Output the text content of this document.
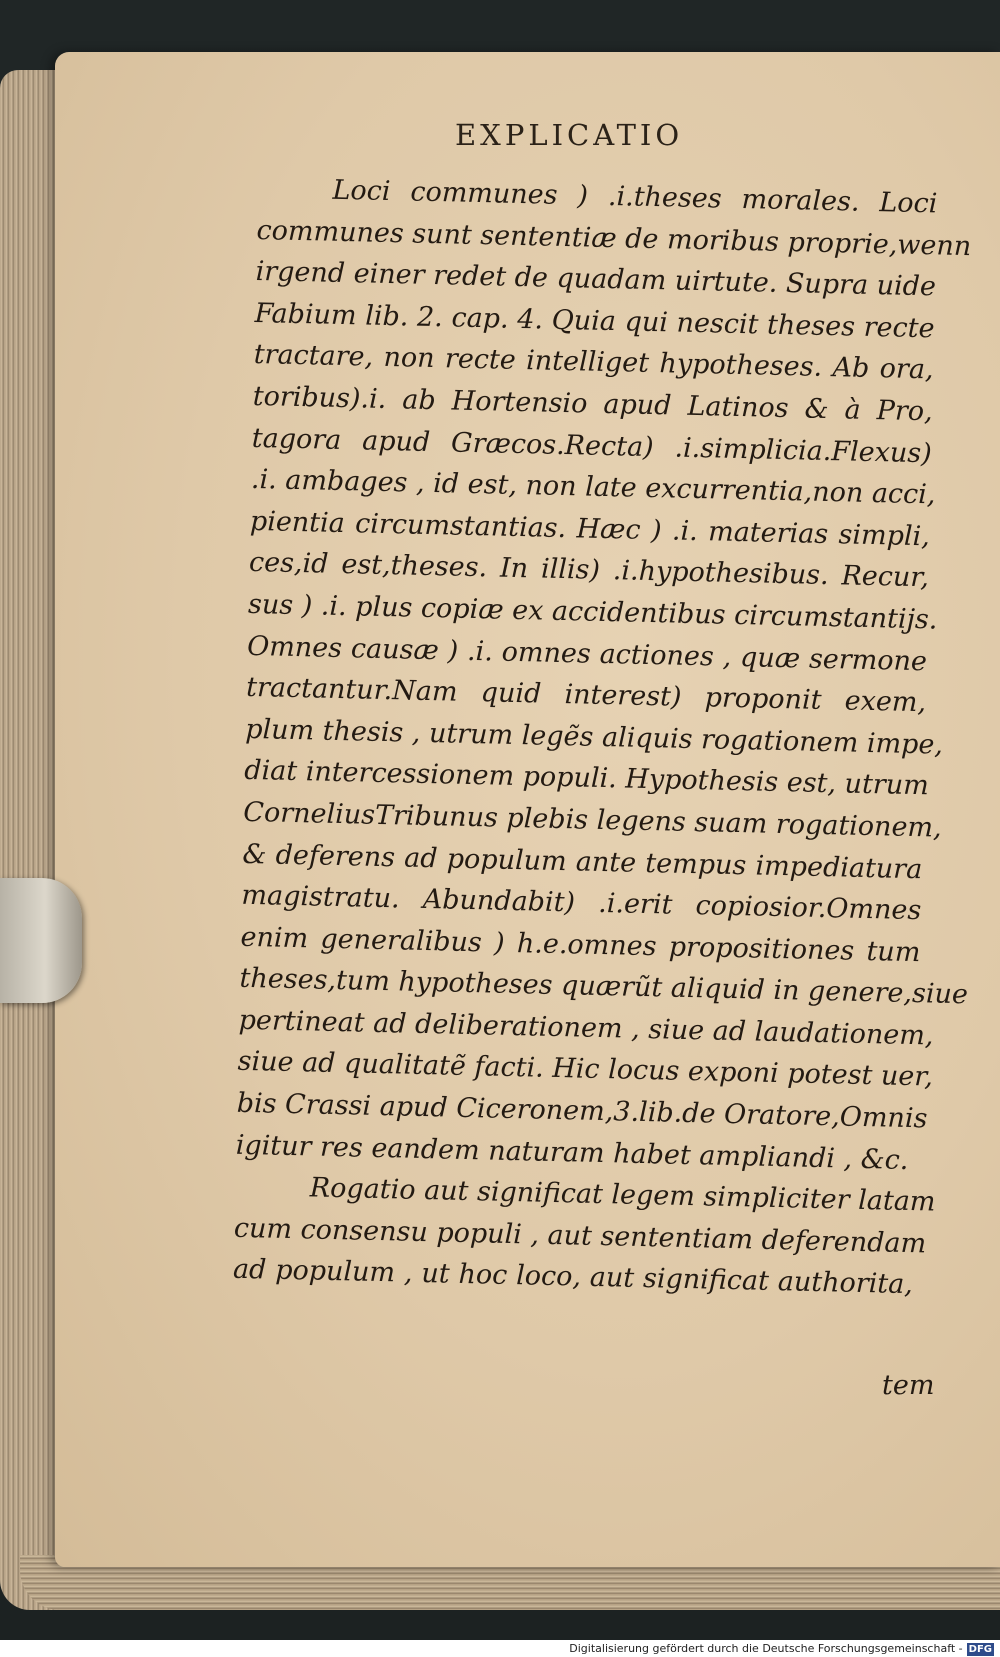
EXPLICATIO
Loci communes ) .i.theses morales. Loci
communes sunt sententiæ de moribus proprie,wenn
irgend einer redet de quadam uirtute. Supra uide
Fabium lib. 2. cap. 4. Quia qui nescit theses recte
tractare, non recte intelliget hypotheses. Ab ora,
toribus).i. ab Hortensio apud Latinos & à Pro,
tagora apud Græcos.Recta) .i.simplicia.Flexus)
.i. ambages , id est, non late excurrentia,non acci,
pientia circumstantias. Hæc ) .i. materias simpli,
ces,id est,theses. In illis) .i.hypothesibus. Recur,
sus ) .i. plus copiæ ex accidentibus circumstantijs.
Omnes causæ ) .i. omnes actiones , quæ sermone
tractantur.Nam quid interest) proponit exem,
plum thesis , utrum legẽs aliquis rogationem impe,
diat intercessionem populi. Hypothesis est, utrum
CorneliusTribunus plebis legens suam rogationem,
& deferens ad populum ante tempus impediatura
magistratu. Abundabit) .i.erit copiosior.Omnes
enim generalibus ) h.e.omnes propositiones tum
theses,tum hypotheses quærũt aliquid in genere,siue
pertineat ad deliberationem , siue ad laudationem,
siue ad qualitatẽ facti. Hic locus exponi potest uer,
bis Crassi apud Ciceronem,3.lib.de Oratore,Omnis
igitur res eandem naturam habet ampliandi , &c.
Rogatio aut significat legem simpliciter latam
cum consensu populi , aut sententiam deferendam
ad populum , ut hoc loco, aut significat authorita,
tem
Digitalisierung gefördert durch die Deutsche Forschungsgemeinschaft - DFG
